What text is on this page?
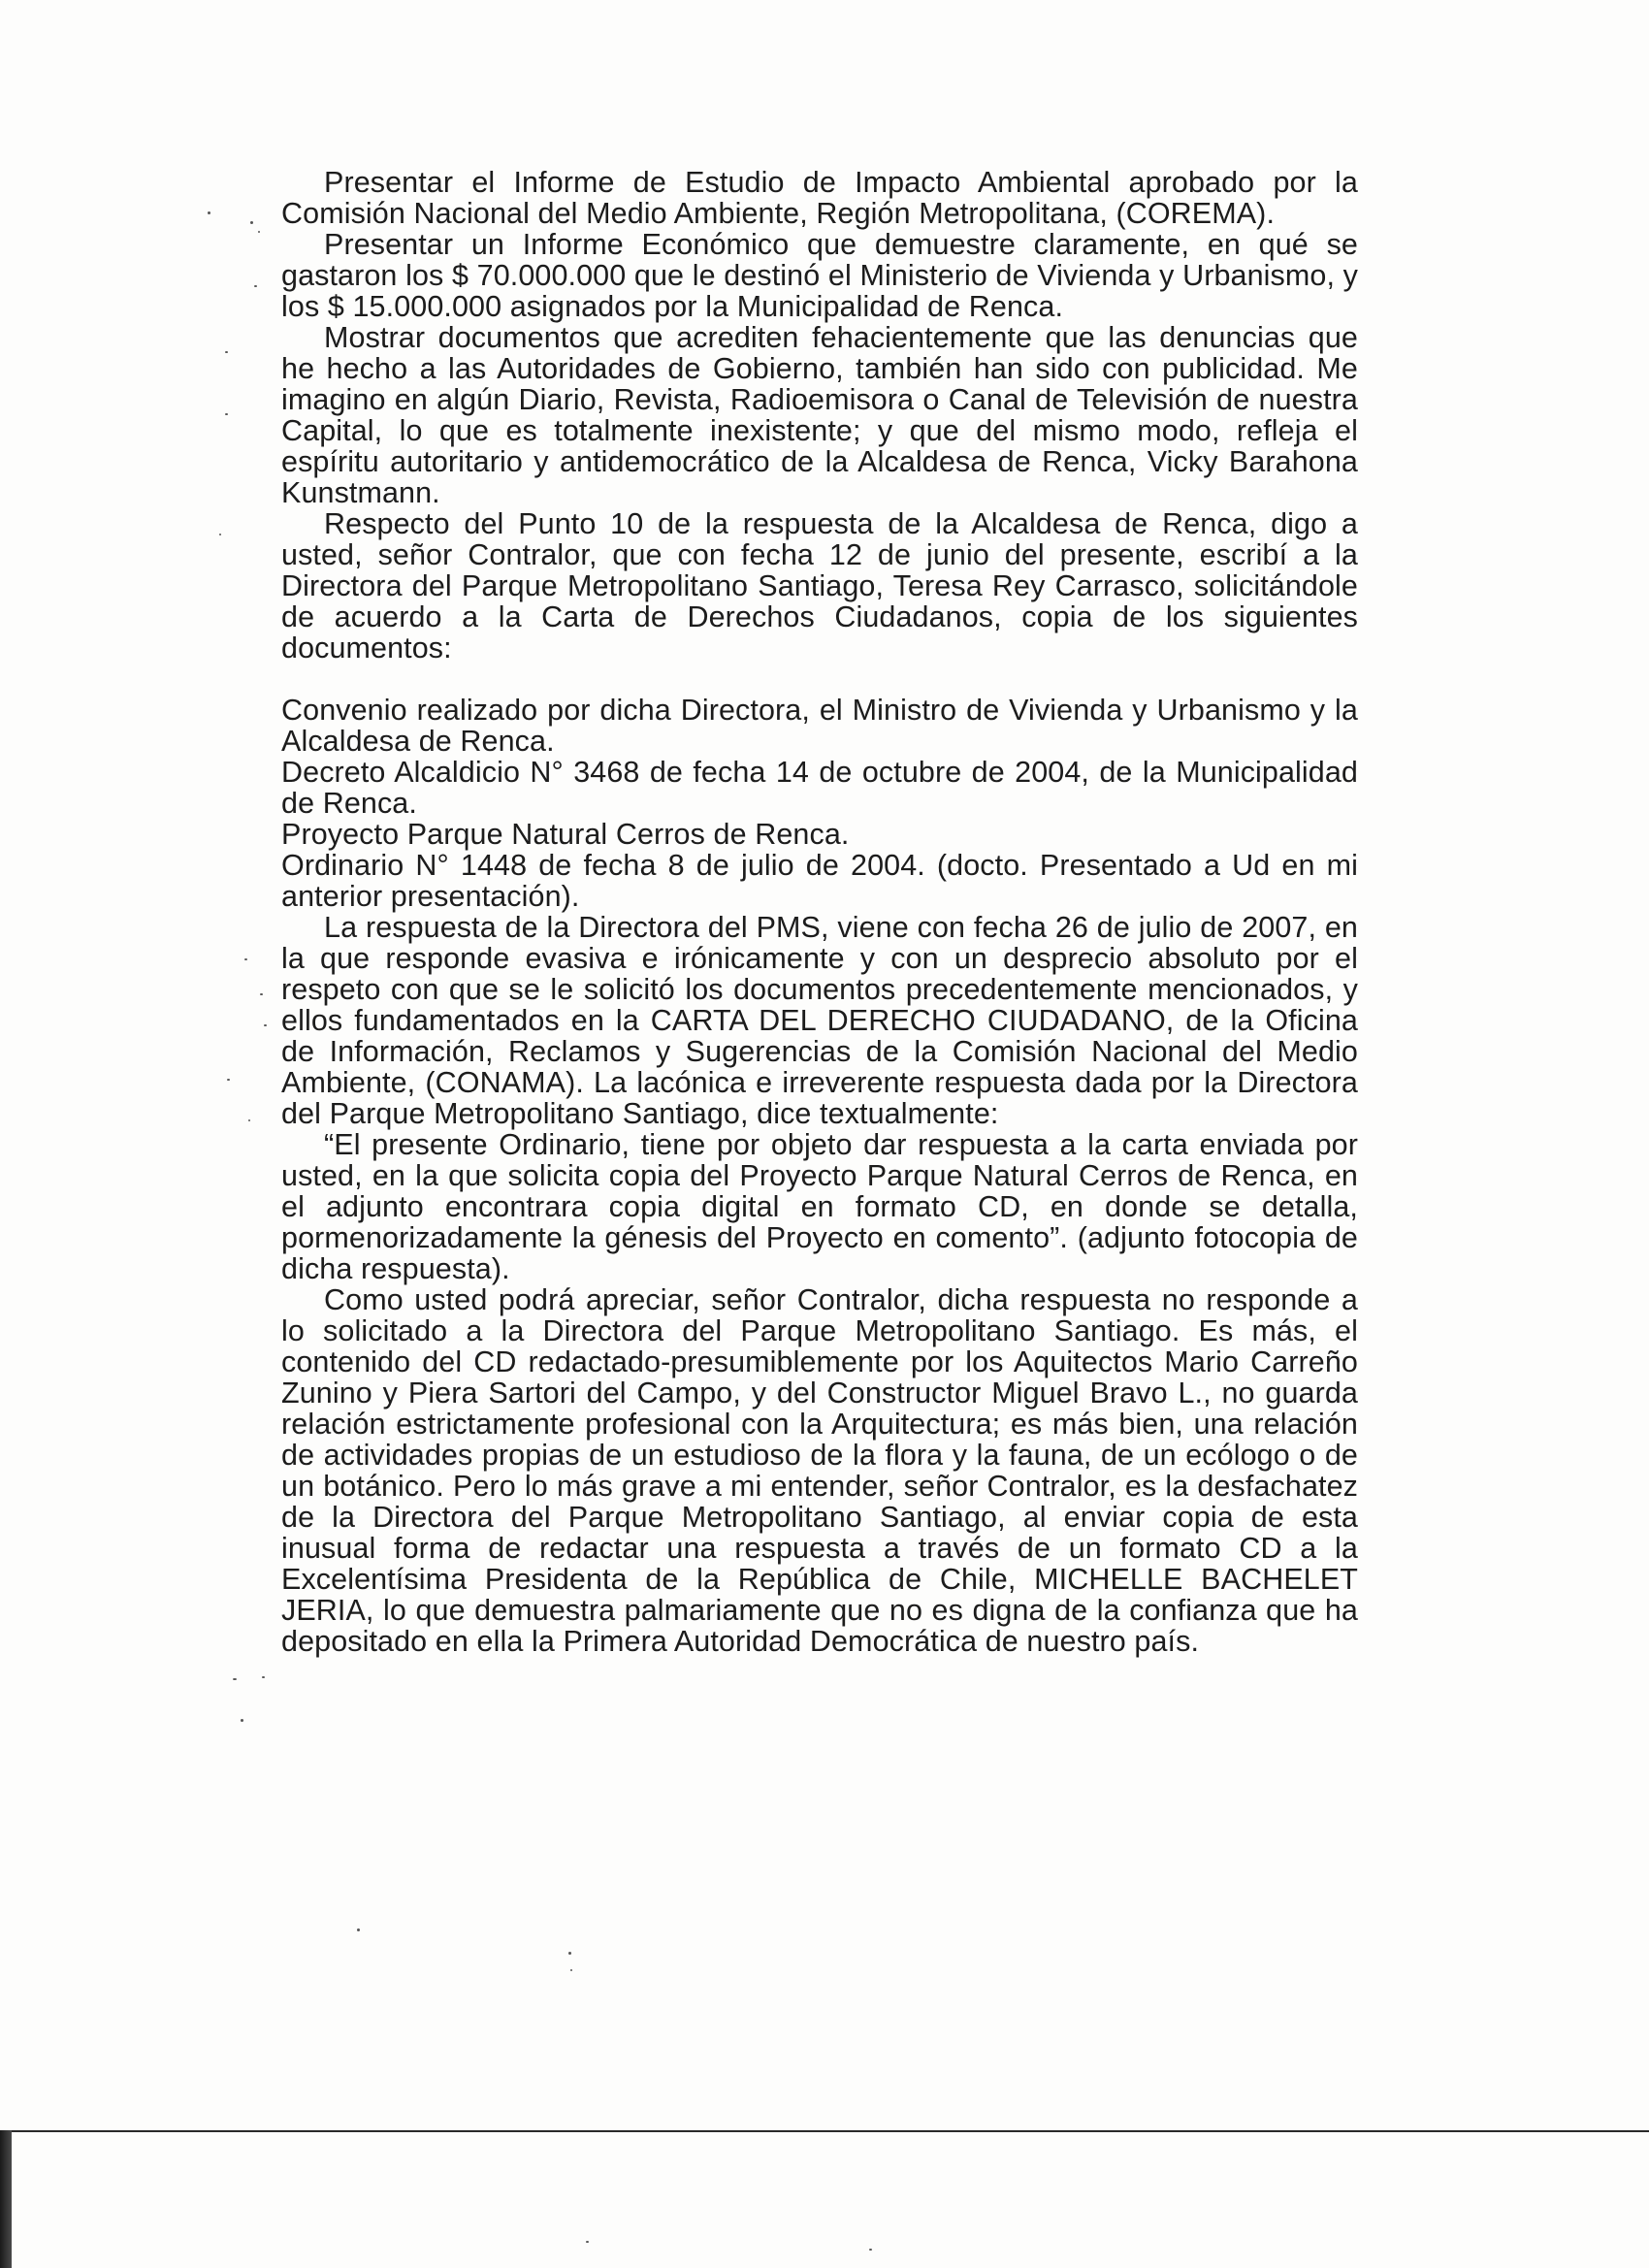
Presentar el Informe de Estudio de Impacto Ambiental aprobado por la Comisión Nacional del Medio Ambiente, Región Metropolitana, (COREMA).

Presentar un Informe Económico que demuestre claramente, en qué se gastaron los $ 70.000.000 que le destinó el Ministerio de Vivienda y Urbanismo, y los $ 15.000.000 asignados por la Municipalidad de Renca.

Mostrar documentos que acrediten fehacientemente que las denuncias que he hecho a las Autoridades de Gobierno, también han sido con publicidad. Me imagino en algún Diario, Revista, Radioemisora o Canal de Televisión de nuestra Capital, lo que es totalmente inexistente; y que del mismo modo, refleja el espíritu autoritario y antidemocrático de la Alcaldesa de Renca, Vicky Barahona Kunstmann.

Respecto del Punto 10 de la respuesta de la Alcaldesa de Renca, digo a usted, señor Contralor, que con fecha 12 de junio del presente, escribí a la Directora del Parque Metropolitano Santiago, Teresa Rey Carrasco, solicitándole de acuerdo a la Carta de Derechos Ciudadanos, copia de los siguientes documentos:

Convenio realizado por dicha Directora, el Ministro de Vivienda y Urbanismo y la Alcaldesa de Renca.

Decreto Alcaldicio N° 3468 de fecha 14 de octubre de 2004, de la Municipalidad de Renca.

Proyecto Parque Natural Cerros de Renca.

Ordinario N° 1448 de fecha 8 de julio de 2004. (docto. Presentado a Ud en mi anterior presentación).

La respuesta de la Directora del PMS, viene con fecha 26 de julio de 2007, en la que responde evasiva e irónicamente y con un desprecio absoluto por el respeto con que se le solicitó los documentos precedentemente mencionados, y ellos fundamentados en la CARTA DEL DERECHO CIUDADANO, de la Oficina de Información, Reclamos y Sugerencias de la Comisión Nacional del Medio Ambiente, (CONAMA). La lacónica e irreverente respuesta dada por la Directora del Parque Metropolitano Santiago, dice textualmente:

“El presente Ordinario, tiene por objeto dar respuesta a la carta enviada por usted, en la que solicita copia del Proyecto Parque Natural Cerros de Renca, en el adjunto encontrara copia digital en formato CD, en donde se detalla, pormenorizadamente la génesis del Proyecto en comento”. (adjunto fotocopia de dicha respuesta).

Como usted podrá apreciar, señor Contralor, dicha respuesta no responde a lo solicitado a la Directora del Parque Metropolitano Santiago. Es más, el contenido del CD redactado-presumiblemente por los Aquitectos Mario Carreño Zunino y Piera Sartori del Campo, y del Constructor Miguel Bravo L., no guarda relación estrictamente profesional con la Arquitectura; es más bien, una relación de actividades propias de un estudioso de la flora y la fauna, de un ecólogo o de un botánico. Pero lo más grave a mi entender, señor Contralor, es la desfachatez de la Directora del Parque Metropolitano Santiago, al enviar copia de esta inusual forma de redactar una respuesta a través de un formato CD a la Excelentísima Presidenta de la República de Chile, MICHELLE BACHELET JERIA, lo que demuestra palmariamente que no es digna de la confianza que ha depositado en ella la Primera Autoridad Democrática de nuestro país.
